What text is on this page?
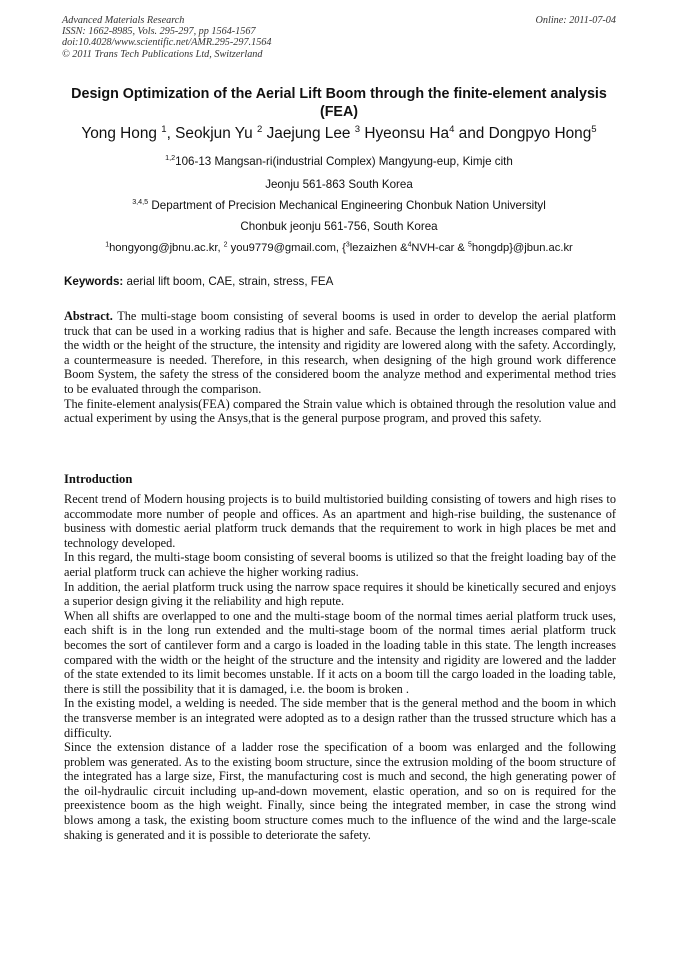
Advanced Materials Research
ISSN: 1662-8985, Vols. 295-297, pp 1564-1567
doi:10.4028/www.scientific.net/AMR.295-297.1564
© 2011 Trans Tech Publications Ltd, Switzerland
Online: 2011-07-04
Design Optimization of the Aerial Lift Boom through the finite-element analysis (FEA)
Yong Hong $^1$, Seokjun Yu $^2$ Jaejung Lee $^3$ Hyeonsu Ha$^4$ and Dongpyo Hong$^5$
$^{1,2}$106-13 Mangsan-ri(industrial Complex) Mangyung-eup, Kimje cith
Jeonju 561-863 South Korea
$^{3,4,5}$ Department of Precision Mechanical Engineering Chonbuk Nation Universityl
Chonbuk jeonju 561-756, South Korea
$^1$hongyong@jbnu.ac.kr, $^2$ you9779@gmail.com, {$^3$lezaizhen &$^4$NVH-car & $^5$hongdp}@jbun.ac.kr
Keywords: aerial lift boom, CAE, strain, stress, FEA

Abstract. The multi-stage boom consisting of several booms is used in order to develop the aerial platform truck that can be used in a working radius that is higher and safe. Because the length increases compared with the width or the height of the structure, the intensity and rigidity are lowered along with the safety. Accordingly, a countermeasure is needed. Therefore, in this research, when designing of the high ground work difference Boom System, the safety the stress of the considered boom the analyze method and experimental method tries to be evaluated through the comparison.

The finite-element analysis(FEA) compared the Strain value which is obtained through the resolution value and actual experiment by using the Ansys,that is the general purpose program, and proved this safety.

Introduction

Recent trend of Modern housing projects is to build multistoried building consisting of towers and high rises to accommodate more number of people and offices. As an apartment and high-rise building, the sustenance of business with domestic aerial platform truck demands that the requirement to work in high places be met and technology developed.

In this regard, the multi-stage boom consisting of several booms is utilized so that the freight loading bay of the aerial platform truck can achieve the higher working radius.

In addition, the aerial platform truck using the narrow space requires it should be kinetically secured and enjoys a superior design giving it the reliability and high repute.

When all shifts are overlapped to one and the multi-stage boom of the normal times aerial platform truck uses, each shift is in the long run extended and the multi-stage boom of the normal times aerial platform truck becomes the sort of cantilever form and a cargo is loaded in the loading table in this state. The length increases compared with the width or the height of the structure and the intensity and rigidity are lowered and the ladder of the state extended to its limit becomes unstable. If it acts on a boom till the cargo loaded in the loading table, there is still the possibility that it is damaged, i.e. the boom is broken .

In the existing model, a welding is needed. The side member that is the general method and the boom in which the transverse member is an integrated were adopted as to a design rather than the trussed structure which has a difficulty.

Since the extension distance of a ladder rose the specification of a boom was enlarged and the following problem was generated. As to the existing boom structure, since the extrusion molding of the boom structure of the integrated has a large size, First, the manufacturing cost is much and second, the high generating power of the oil-hydraulic circuit including up-and-down movement, elastic operation, and so on is required for the preexistence boom as the high weight. Finally, since being the integrated member, in case the strong wind blows among a task, the existing boom structure comes much to the influence of the wind and the large-scale shaking is generated and it is possible to deteriorate the safety.
